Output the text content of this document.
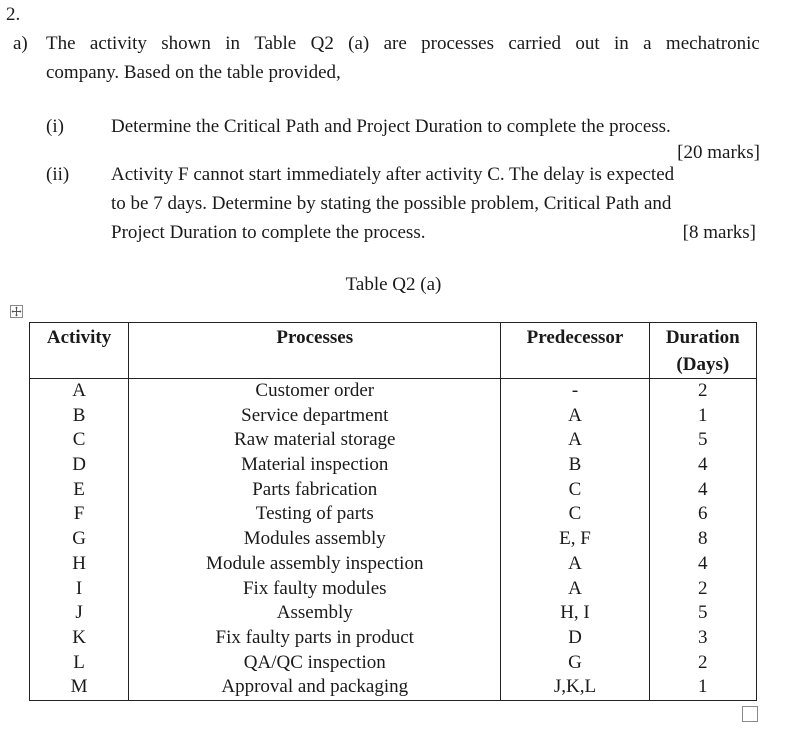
2.
a) The activity shown in Table Q2 (a) are processes carried out in a mechatronic
company. Based on the table provided,
(i) Determine the Critical Path and Project Duration to complete the process.
[20 marks]
(ii) Activity F cannot start immediately after activity C. The delay is expected
to be 7 days. Determine by stating the possible problem, Critical Path and
Project Duration to complete the process.	[8 marks]
Table Q2 (a)
Activity	Processes	Predecessor	Duration
(Days)

A	Customer order	-	2
B	Service department	A	1
C	Raw material storage	A	5
D	Material inspection	B	4
E	Parts fabrication	C	4
F	Testing of parts	C	6
G	Modules assembly	E, F	8
H	Module assembly inspection	A	4
I	Fix faulty modules	A	2
J	Assembly	H, I	5
K	Fix faulty parts in product	D	3
L	QA/QC inspection	G	2
M	Approval and packaging	J,K,L	1
